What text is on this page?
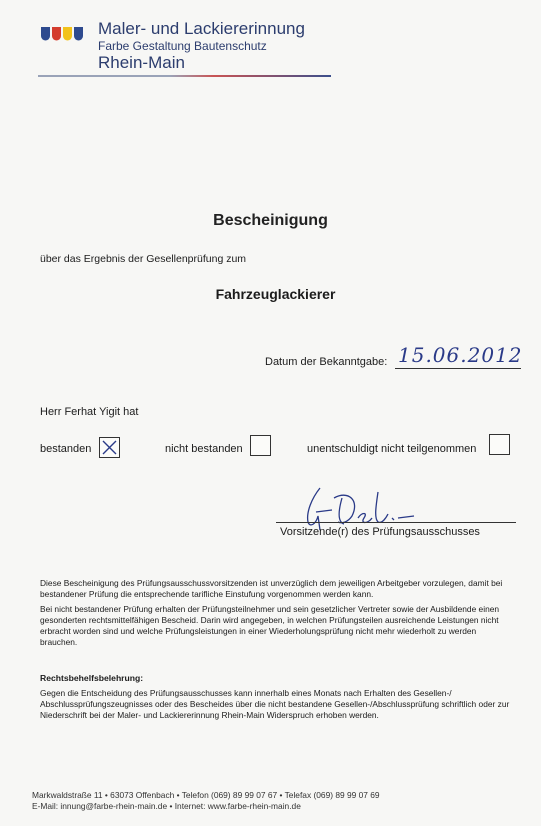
Maler- und Lackiererinnung
Farbe Gestaltung Bautenschutz
Rhein-Main
Bescheinigung
über das Ergebnis der Gesellenprüfung zum
Fahrzeuglackierer
Datum der Bekanntgabe: 15.06.2012
Herr Ferhat Yigit hat
bestanden	nicht bestanden	unentschuldigt nicht teilgenommen
Vorsitzende(r) des Prüfungsausschusses
Diese Bescheinigung des Prüfungsausschussvorsitzenden ist unverzüglich dem jeweiligen Arbeitgeber vorzulegen, damit bei bestandener Prüfung die entsprechende tarifliche Einstufung vorgenommen werden kann.
Bei nicht bestandener Prüfung erhalten der Prüfungsteilnehmer und sein gesetzlicher Vertreter sowie der Ausbildende einen gesonderten rechtsmittelfähigen Bescheid. Darin wird angegeben, in welchen Prüfungsteilen ausreichende Leistungen nicht erbracht worden sind und welche Prüfungsleistungen in einer Wiederholungsprüfung nicht mehr wiederholt zu werden brauchen.
Rechtsbehelfsbelehrung:
Gegen die Entscheidung des Prüfungsausschusses kann innerhalb eines Monats nach Erhalten des Gesellen-/ Abschlussprüfungszeugnisses oder des Bescheides über die nicht bestandene Gesellen-/Abschlussprüfung schriftlich oder zur Niederschrift bei der Maler- und Lackiererinnung Rhein-Main Widerspruch erhoben werden.
Markwaldstraße 11 • 63073 Offenbach • Telefon (069) 89 99 07 67 • Telefax (069) 89 99 07 69
E-Mail: innung@farbe-rhein-main.de • Internet: www.farbe-rhein-main.de
